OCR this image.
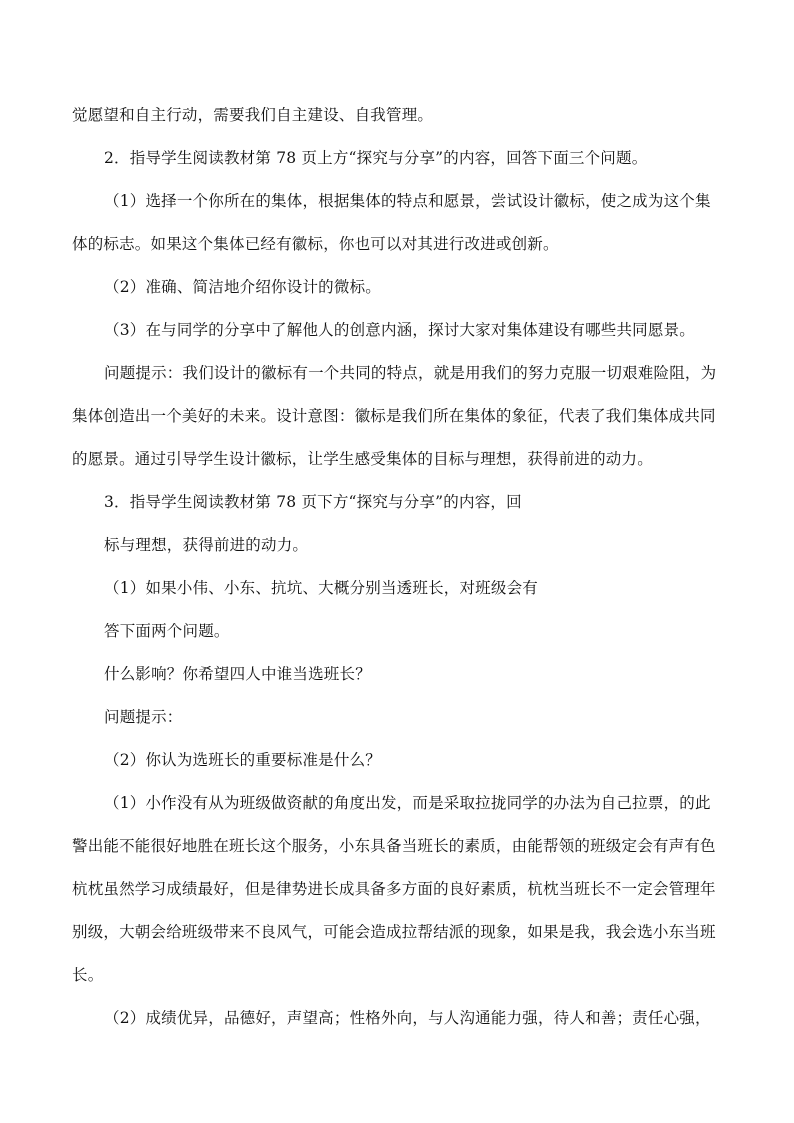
觉愿望和自主行动，需要我们自主建设、自我管理。
2．指导学生阅读教材第 78 页上方“探究与分享”的内容，回答下面三个问题。
（1）选择一个你所在的集体，根据集体的特点和愿景，尝试设计徽标，使之成为这个集
体的标志。如果这个集体已经有徽标，你也可以对其进行改进或创新。
（2）准确、简洁地介绍你设计的微标。
（3）在与同学的分享中了解他人的创意内涵，探讨大家对集体建设有哪些共同愿景。
问题提示：我们设计的徽标有一个共同的特点，就是用我们的努力克服一切艰难险阻，为
集体创造出一个美好的未来。设计意图：徽标是我们所在集体的象征，代表了我们集体成共同
的愿景。通过引导学生设计徽标，让学生感受集体的目标与理想，获得前进的动力。
3．指导学生阅读教材第 78 页下方“探究与分享”的内容，回
标与理想，获得前进的动力。
（1）如果小伟、小东、抗坑、大概分别当透班长，对班级会有
答下面两个问题。
什么影响？你希望四人中谁当选班长？
问题提示：
（2）你认为选班长的重要标准是什么？
（1）小作没有从为班级做资献的角度出发，而是采取拉拢同学的办法为自己拉票，的此
警出能不能很好地胜在班长这个服务，小东具备当班长的素质，由能帮领的班级定会有声有色
杭枕虽然学习成绩最好，但是律势进长成具备多方面的良好素质，杭枕当班长不一定会管理年
别级，大朝会给班级带来不良风气，可能会造成拉帮结派的现象，如果是我，我会选小东当班
长。
（2）成绩优异，品德好，声望高；性格外向，与人沟通能力强，待人和善；责任心强，
